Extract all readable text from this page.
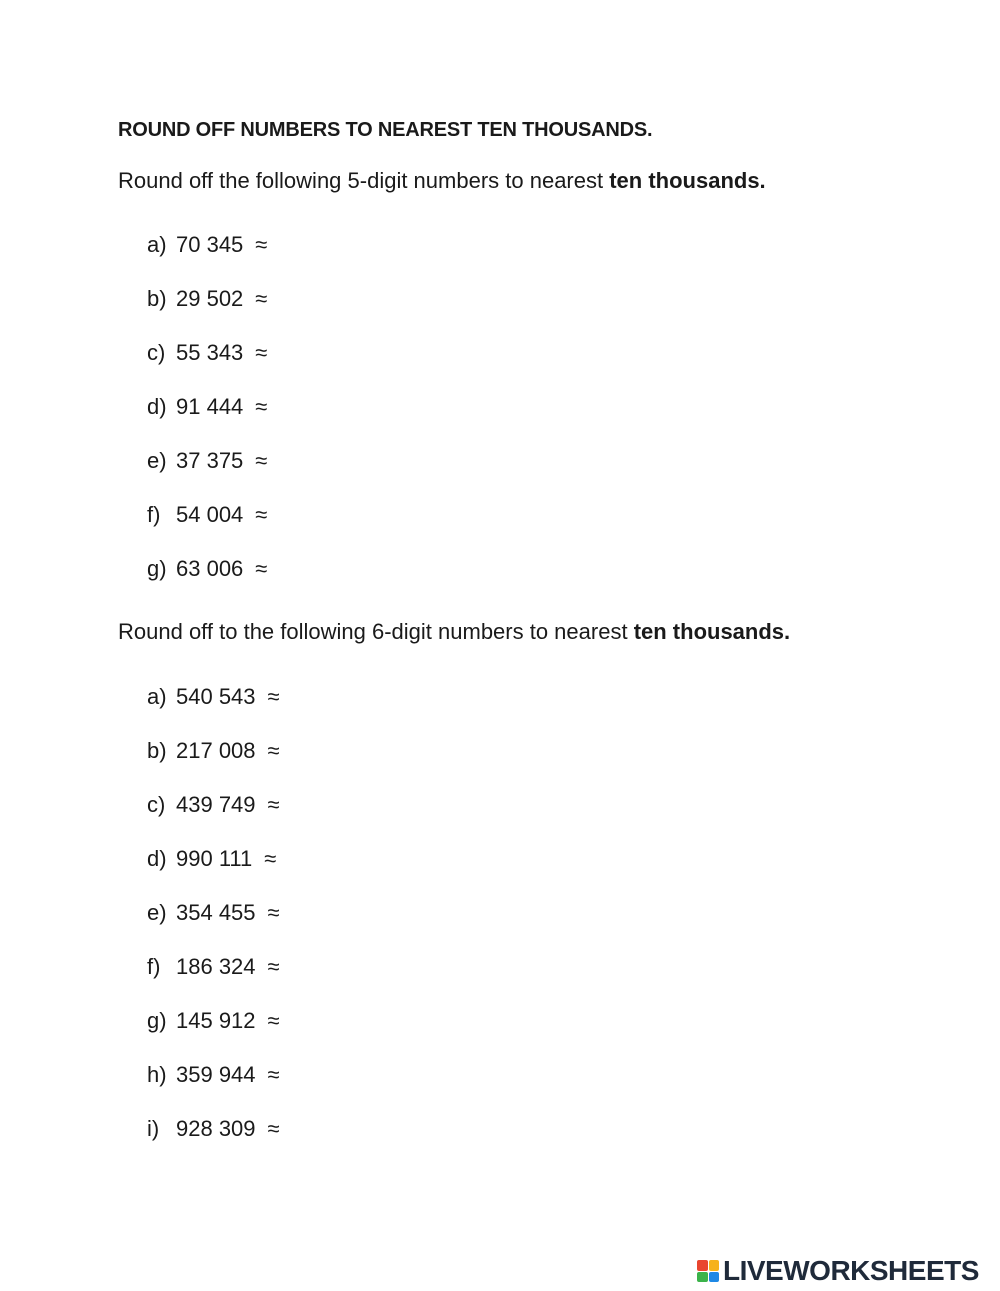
ROUND OFF NUMBERS TO NEAREST TEN THOUSANDS.
Round off the following 5-digit numbers to nearest ten thousands.
a) 70 345 ≈
b) 29 502 ≈
c) 55 343 ≈
d) 91 444 ≈
e) 37 375 ≈
f) 54 004 ≈
g) 63 006 ≈
Round off to the following 6-digit numbers to nearest ten thousands.
a) 540 543 ≈
b) 217 008 ≈
c) 439 749 ≈
d) 990 111 ≈
e) 354 455 ≈
f) 186 324 ≈
g) 145 912 ≈
h) 359 944 ≈
i) 928 309 ≈
LIVEWORKSHEETS
